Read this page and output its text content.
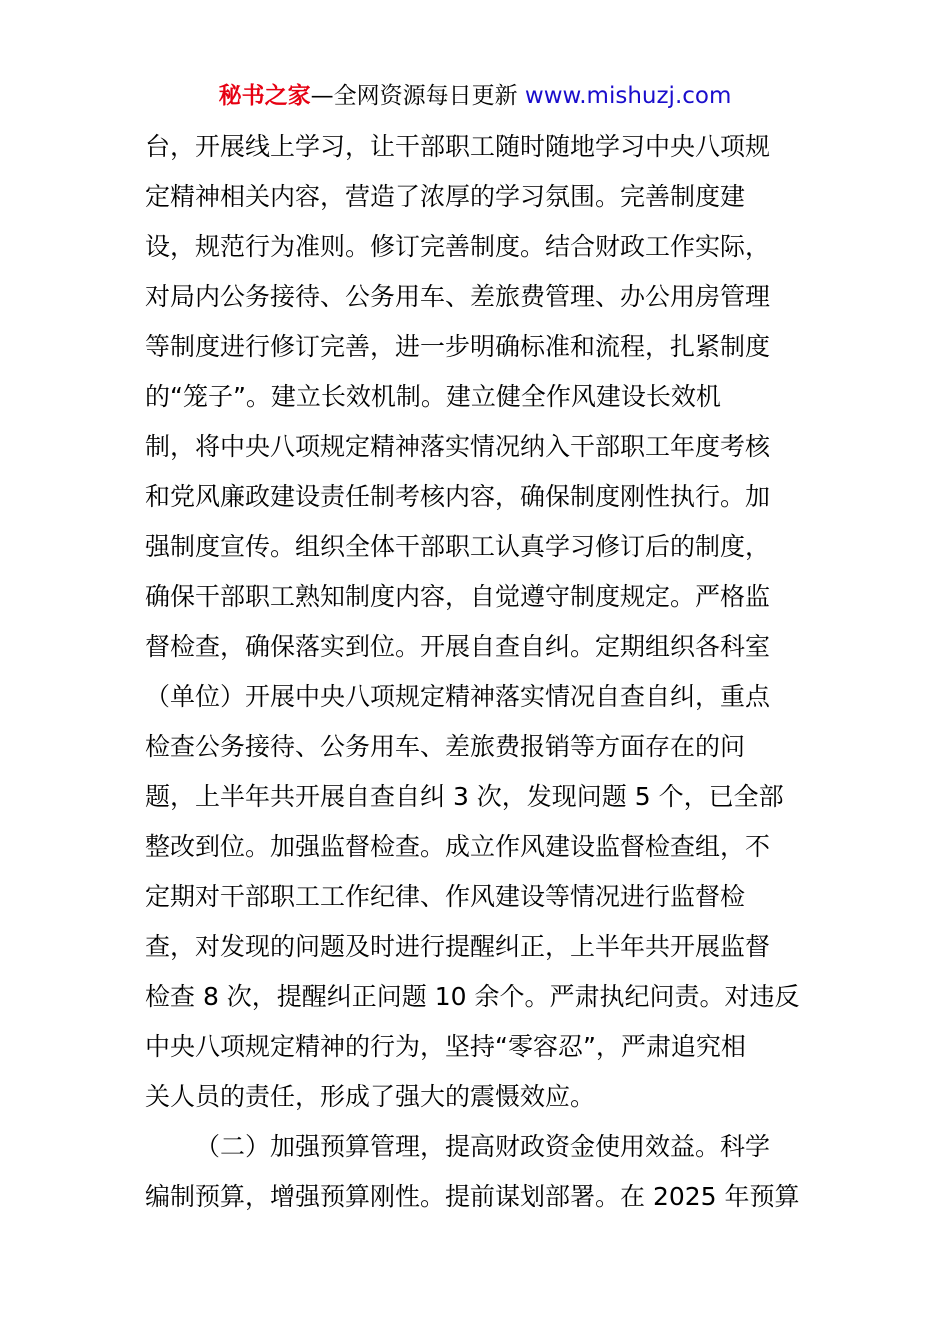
秘书之家—全网资源每日更新 www.mishuzj.com
台，开展线上学习，让干部职工随时随地学习中央八项规
定精神相关内容，营造了浓厚的学习氛围。完善制度建
设，规范行为准则。修订完善制度。结合财政工作实际，
对局内公务接待、公务用车、差旅费管理、办公用房管理
等制度进行修订完善，进一步明确标准和流程，扎紧制度
的“笼子”。建立长效机制。建立健全作风建设长效机
制，将中央八项规定精神落实情况纳入干部职工年度考核
和党风廉政建设责任制考核内容，确保制度刚性执行。加
强制度宣传。组织全体干部职工认真学习修订后的制度，
确保干部职工熟知制度内容，自觉遵守制度规定。严格监
督检查，确保落实到位。开展自查自纠。定期组织各科室
（单位）开展中央八项规定精神落实情况自查自纠，重点
检查公务接待、公务用车、差旅费报销等方面存在的问
题，上半年共开展自查自纠 3 次，发现问题 5 个，已全部
整改到位。加强监督检查。成立作风建设监督检查组，不
定期对干部职工工作纪律、作风建设等情况进行监督检
查，对发现的问题及时进行提醒纠正，上半年共开展监督
检查 8 次，提醒纠正问题 10 余个。严肃执纪问责。对违反
中央八项规定精神的行为，坚持“零容忍”，严肃追究相
关人员的责任，形成了强大的震慑效应。
（二）加强预算管理，提高财政资金使用效益。科学
编制预算，增强预算刚性。提前谋划部署。在 2025 年预算
